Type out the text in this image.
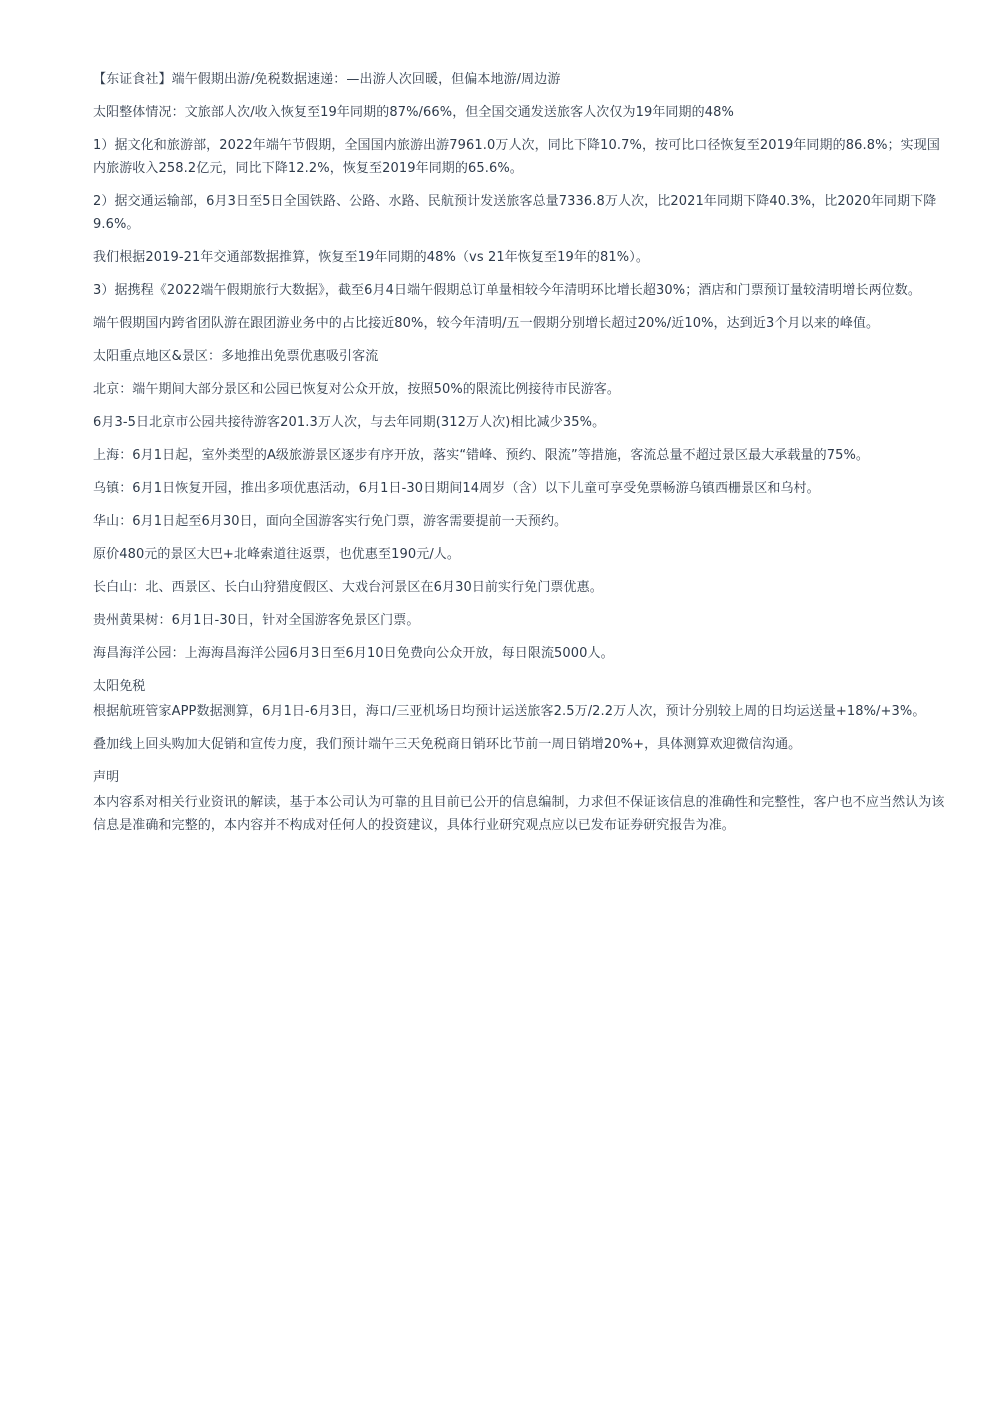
【东证食社】端午假期出游/免税数据速递：—出游人次回暖，但偏本地游/周边游

太阳整体情况：文旅部人次/收入恢复至19年同期的87%/66%，但全国交通发送旅客人次仅为19年同期的48%

1）据文化和旅游部，2022年端午节假期，全国国内旅游出游7961.0万人次，同比下降10.7%，按可比口径恢复至2019年同期的86.8%；实现国内旅游收入258.2亿元，同比下降12.2%，恢复至2019年同期的65.6%。

2）据交通运输部，6月3日至5日全国铁路、公路、水路、民航预计发送旅客总量7336.8万人次，比2021年同期下降40.3%，比2020年同期下降9.6%。

我们根据2019-21年交通部数据推算，恢复至19年同期的48%（vs 21年恢复至19年的81%）。

3）据携程《2022端午假期旅行大数据》，截至6月4日端午假期总订单量相较今年清明环比增长超30%；酒店和门票预订量较清明增长两位数。

端午假期国内跨省团队游在跟团游业务中的占比接近80%，较今年清明/五一假期分别增长超过20%/近10%，达到近3个月以来的峰值。

太阳重点地区&景区：多地推出免票优惠吸引客流

北京：端午期间大部分景区和公园已恢复对公众开放，按照50%的限流比例接待市民游客。

6月3-5日北京市公园共接待游客201.3万人次，与去年同期(312万人次)相比减少35%。

上海：6月1日起，室外类型的A级旅游景区逐步有序开放，落实“错峰、预约、限流”等措施，客流总量不超过景区最大承载量的75%。

乌镇：6月1日恢复开园，推出多项优惠活动，6月1日-30日期间14周岁（含）以下儿童可享受免票畅游乌镇西栅景区和乌村。

华山：6月1日起至6月30日，面向全国游客实行免门票，游客需要提前一天预约。

原价480元的景区大巴+北峰索道往返票，也优惠至190元/人。

长白山：北、西景区、长白山狩猎度假区、大戏台河景区在6月30日前实行免门票优惠。

贵州黄果树：6月1日-30日，针对全国游客免景区门票。

海昌海洋公园：上海海昌海洋公园6月3日至6月10日免费向公众开放，每日限流5000人。

太阳免税

根据航班管家APP数据测算，6月1日-6月3日，海口/三亚机场日均预计运送旅客2.5万/2.2万人次，预计分别较上周的日均运送量+18%/+3%。

叠加线上回头购加大促销和宣传力度，我们预计端午三天免税商日销环比节前一周日销增20%+，具体测算欢迎微信沟通。

声明

本内容系对相关行业资讯的解读，基于本公司认为可靠的且目前已公开的信息编制，力求但不保证该信息的准确性和完整性，客户也不应当然认为该信息是准确和完整的，本内容并不构成对任何人的投资建议，具体行业研究观点应以已发布证券研究报告为准。
